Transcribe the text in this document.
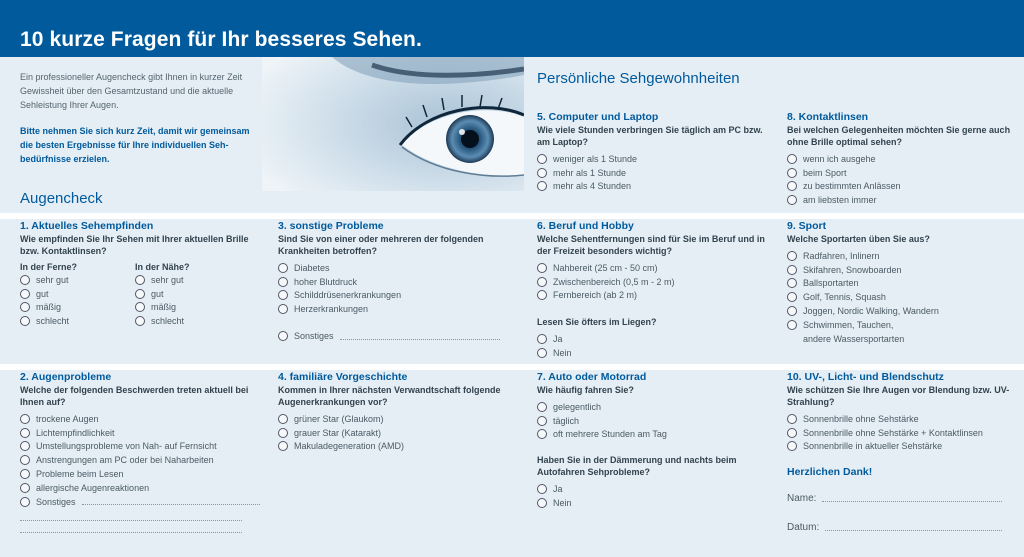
10 kurze Fragen für Ihr besseres Sehen.

Ein professioneller Augencheck gibt Ihnen in kurzer Zeit Gewissheit über den Gesamtzustand und die aktuelle Sehleistung Ihrer Augen.

Bitte nehmen Sie sich kurz Zeit, damit wir gemeinsam die besten Ergebnisse für Ihre individuellen Seh-bedürfnisse erzielen.

Augencheck
Persönliche Sehgewohnheiten
1. Aktuelles Sehempfinden
Wie empfinden Sie Ihr Sehen mit Ihrer aktuellen Brille bzw. Kontaktlinsen?
In der Ferne?
sehr gut
gut
mäßig
schlecht
In der Nähe?
sehr gut
gut
mäßig
schlecht
2. Augenprobleme
Welche der folgenden Beschwerden treten aktuell bei Ihnen auf?
trockene Augen
Lichtempfindlichkeit
Umstellungsprobleme von Nah- auf Fernsicht
Anstrengungen am PC oder bei Naharbeiten
Probleme beim Lesen
allergische Augenreaktionen
Sonstiges
3. sonstige Probleme
Sind Sie von einer oder mehreren der folgenden Krankheiten betroffen?
Diabetes
hoher Blutdruck
Schilddrüsenerkrankungen
Herzerkrankungen
Sonstiges
4. familiäre Vorgeschichte
Kommen in Ihrer nächsten Verwandtschaft folgende Augenerkrankungen vor?
grüner Star (Glaukom)
grauer Star (Katarakt)
Makuladegeneration (AMD)
5. Computer und Laptop
Wie viele Stunden verbringen Sie täglich am PC bzw. am Laptop?
weniger als 1 Stunde
mehr als 1 Stunde
mehr als 4 Stunden
6. Beruf und Hobby
Welche Sehentfernungen sind für Sie im Beruf und in der Freizeit besonders wichtig?
Nahbereit (25 cm - 50 cm)
Zwischenbereich (0,5 m - 2 m)
Fernbereich (ab 2 m)
Lesen Sie öfters im Liegen?
Ja
Nein
7. Auto oder Motorrad
Wie häufig fahren Sie?
gelegentlich
täglich
oft mehrere Stunden am Tag
Haben Sie in der Dämmerung und nachts beim Autofahren Sehprobleme?
Ja
Nein
8. Kontaktlinsen
Bei welchen Gelegenheiten möchten Sie gerne auch ohne Brille optimal sehen?
wenn ich ausgehe
beim Sport
zu bestimmten Anlässen
am liebsten immer
9. Sport
Welche Sportarten üben Sie aus?
Radfahren, Inlinern
Skifahren, Snowboarden
Ballsportarten
Golf, Tennis, Squash
Joggen, Nordic Walking, Wandern
Schwimmen, Tauchen,
andere Wassersportarten
10. UV-, Licht- und Blendschutz
Wie schützen Sie Ihre Augen vor Blendung bzw. UV-Strahlung?
Sonnenbrille ohne Sehstärke
Sonnenbrille ohne Sehstärke + Kontaktlinsen
Sonnenbrille in aktueller Sehstärke
Herzlichen Dank!
Name:
Datum:
